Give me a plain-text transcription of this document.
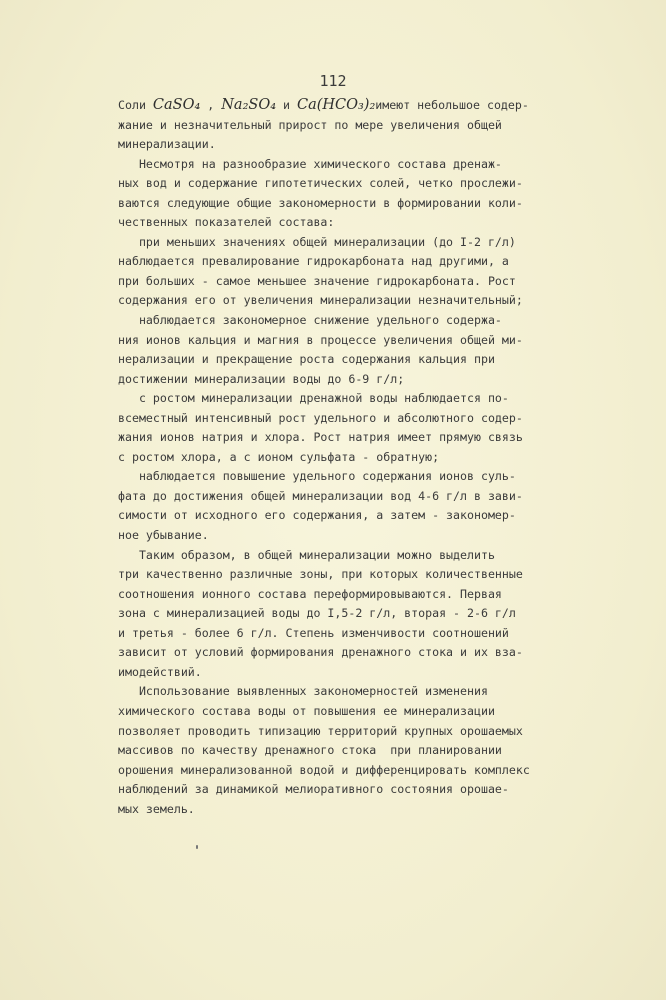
112
Соли CaSO₄ , Na₂SO₄ и Ca(HCO₃)₂имеют небольшое содер-
жание и незначительный прирост по мере увеличения общей
минерализации.
Несмотря на разнообразие химического состава дренаж-
ных вод и содержание гипотетических солей, четко прослежи-
ваются следующие общие закономерности в формировании коли-
чественных показателей состава:
при меньших значениях общей минерализации (до I-2 г/л)
наблюдается превалирование гидрокарбоната над другими, а
при больших - самое меньшее значение гидрокарбоната. Рост
содержания его от увеличения минерализации незначительный;
наблюдается закономерное снижение удельного содержа-
ния ионов кальция и магния в процессе увеличения общей ми-
нерализации и прекращение роста содержания кальция при
достижении минерализации воды до 6-9 г/л;
с ростом минерализации дренажной воды наблюдается по-
всеместный интенсивный рост удельного и абсолютного содер-
жания ионов натрия и хлора. Рост натрия имеет прямую связь
с ростом хлора, а с ионом сульфата - обратную;
наблюдается повышение удельного содержания ионов суль-
фата до достижения общей минерализации вод 4-6 г/л в зави-
симости от исходного его содержания, а затем - закономер-
ное убывание.
Таким образом, в общей минерализации можно выделить
три качественно различные зоны, при которых количественные
соотношения ионного состава переформировываются. Первая
зона с минерализацией воды до I,5-2 г/л, вторая - 2-6 г/л
и третья - более 6 г/л. Степень изменчивости соотношений
зависит от условий формирования дренажного стока и их вза-
имодействий.
Использование выявленных закономерностей изменения
химического состава воды от повышения ее минерализации
позволяет проводить типизацию территорий крупных орошаемых
массивов по качеству дренажного стока  при планировании
орошения минерализованной водой и дифференцировать комплекс
наблюдений за динамикой мелиоративного состояния орошае-
мых земель.
